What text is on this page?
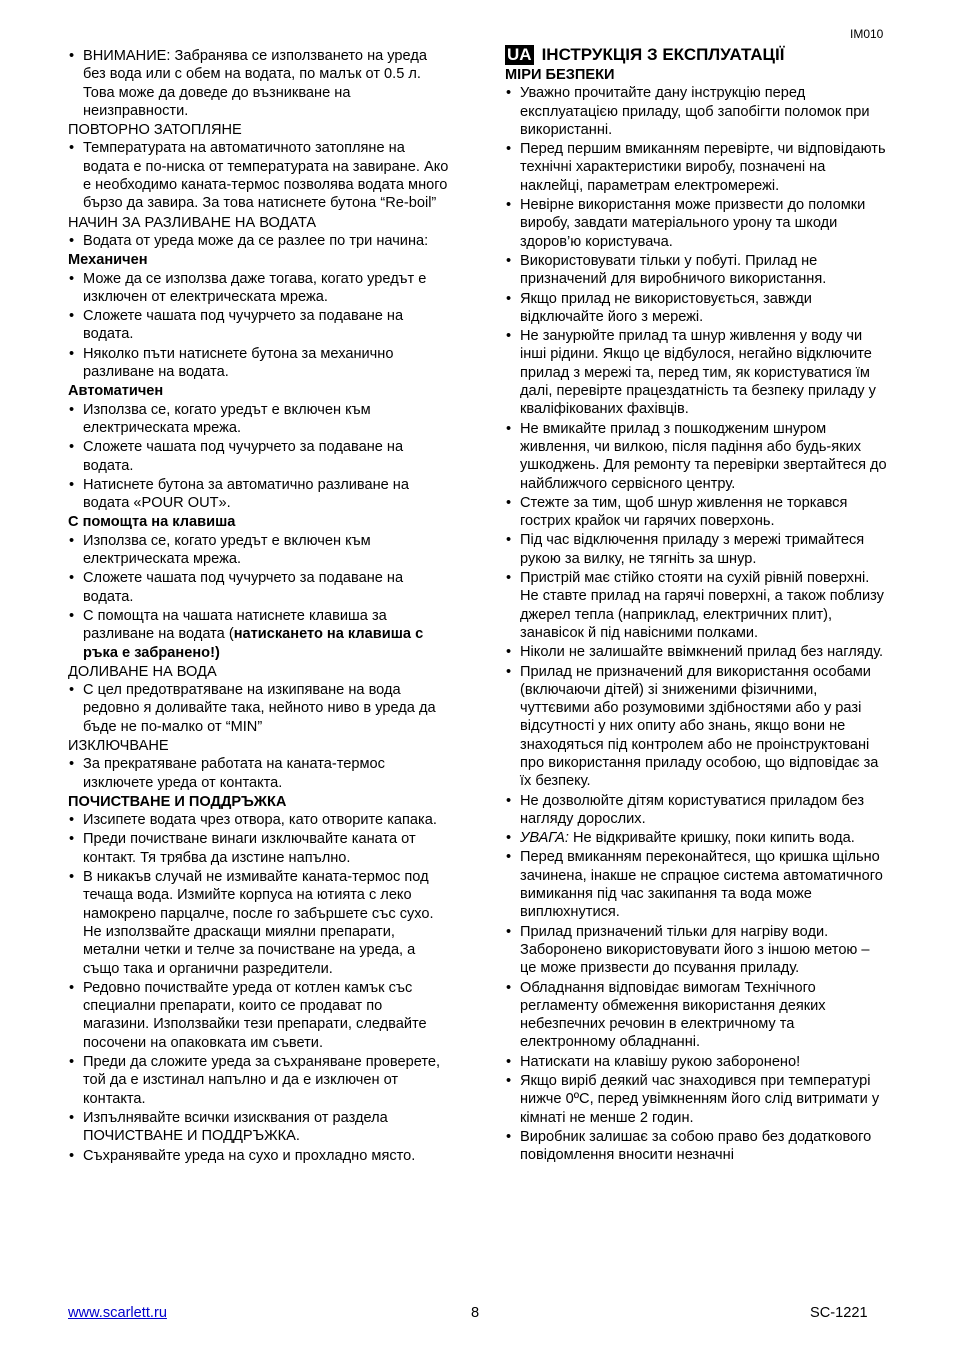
IM010
• ВНИМАНИЕ: Забранява се използването на уреда без вода или с обем на водата, по малък от 0.5 л. Това може да доведе до възникване на неизправности.

ПОВТОРНО ЗАТОПЛЯНЕ

• Температурата на автоматичното затопляне на водата е по-ниска от температурата на завиране. Ако е необходимо каната-термос позволява водата много бързо да завира. За това натиснете бутона “Re-boil”

НАЧИН ЗА РАЗЛИВАНЕ НА ВОДАТА

• Водата от уреда може да се разлее по три начина:

Механичен

• Може да се използва даже тогава, когато уредът е изключен от електрическата мрежа.
• Сложете чашата под чучурчето за подаване на водата.
• Няколко пъти натиснете бутона за механично разливане на водата.

Автоматичен

• Използва се, когато уредът е включен към електрическата мрежа.
• Сложете чашата под чучурчето за подаване на водата.
• Натиснете бутона за автоматично разливане на водата «POUR OUT».

С помощта на клавиша

• Използва се, когато уредът е включен към електрическата мрежа.
• Сложете чашата под чучурчето за подаване на водата.
• С помощта на чашата натиснете клавиша за разливане на водата (натискането на клавиша с ръка е забранено!)

ДОЛИВАНЕ НА ВОДА

• С цел предотвратяване на изкипяване на вода редовно я доливайте така, нейното ниво в уреда да бъде не по-малко от “MIN”

ИЗКЛЮЧВАНЕ

• За прекратяване работата на каната-термос изключете уреда от контакта.

ПОЧИСТВАНЕ И ПОДДРЪЖКА

• Изсипете водата чрез отвора, като отворите капака.
• Преди почистване винаги изключвайте каната от контакт. Тя трябва да изстине напълно.
• В никакъв случай не измивайте каната-термос под течаща вода. Измийте корпуса на ютията с леко намокрено парцалче, после го забършете със сухо. Не използвайте драскащи миялни препарати, метални четки и телче за почистване на уреда, а също така и органични разредители.
• Редовно почиствайте уреда от котлен камък със специални препарати, които се продават по магазини. Използвайки тези препарати, следвайте посочени на опаковката им съвети.
• Преди да сложите уреда за съхраняване проверете, той да е изстинал напълно и да е изключен от контакта.
• Изпълнявайте всички изисквания от раздела ПОЧИСТВАНЕ И ПОДДРЪЖКА.
• Съхранявайте уреда на сухо и прохладно място.
UA ІНСТРУКЦІЯ З ЕКСПЛУАТАЦІЇ

МІРИ БЕЗПЕКИ

• Уважно прочитайте дану інструкцію перед експлуатацією приладу, щоб запобігти поломок при використанні.
• Перед першим вмиканням перевірте, чи відповідають технічні характеристики виробу, позначені на наклейці, параметрам електромережі.
• Невірне використання може призвести до поломки виробу, завдати матеріального урону та шкоди здоров’ю користувача.
• Використовувати тільки у побуті. Прилад не призначений для виробничого використання.
• Якщо прилад не використовується, завжди відключайте його з мережі.
• Не занурюйте прилад та шнур живлення у воду чи інші рідини. Якщо це відбулося, негайно відключите прилад з мережі та, перед тим, як користуватися їм далі, перевірте працездатність та безпеку приладу у кваліфікованих фахівців.
• Не вмикайте прилад з пошкодженим шнуром живлення, чи вилкою, після падіння або будь-яких ушкоджень. Для ремонту та перевірки звертайтеся до найближчого сервісного центру.
• Стежте за тим, щоб шнур живлення не торкався гострих крайок чи гарячих поверхонь.
• Під час відключення приладу з мережі тримайтеся рукою за вилку, не тягніть за шнур.
• Пристрій має стійко стояти на сухій рівній поверхні. Не ставте прилад на гарячі поверхні, а також поблизу джерел тепла (наприклад, електричних плит), занавісок й під навісними полками.
• Ніколи не залишайте ввімкнений прилад без нагляду.
• Прилад не призначений для використання особами (включаючи дітей) зі зниженими фізичними, чуттєвими або розумовими здібностями або у разі відсутності у них опиту або знань, якщо вони не знаходяться під контролем або не проінструктовані про використання приладу особою, що відповідає за їх безпеку.
• Не дозволюйте дітям користуватися приладом без нагляду дорослих.
• УВАГА: Не відкривайте кришку, поки кипить вода.
• Перед вмиканням переконайтеся, що кришка щільно зачинена, інакше не спрацюе система автоматичного вимикання під час закипання та вода може виплюхнутися.
• Прилад призначений тільки для нагріву води. Заборонено використовувати його з іншою метою – це може призвести до псування приладу.
• Обладнання відповідає вимогам Технічного регламенту обмеження використання деяких небезпечних речовин в електричному та електронному обладнанні.
• Натискати на клавішу рукою заборонено!
• Якщо виріб деякий час знаходився при температурі нижче 0ºC, перед увімкненням його слід витримати у кімнаті не менше 2 годин.
• Виробник залишає за собою право без додаткового повідомлення вносити незначні
www.scarlett.ru	8	SC-1221
